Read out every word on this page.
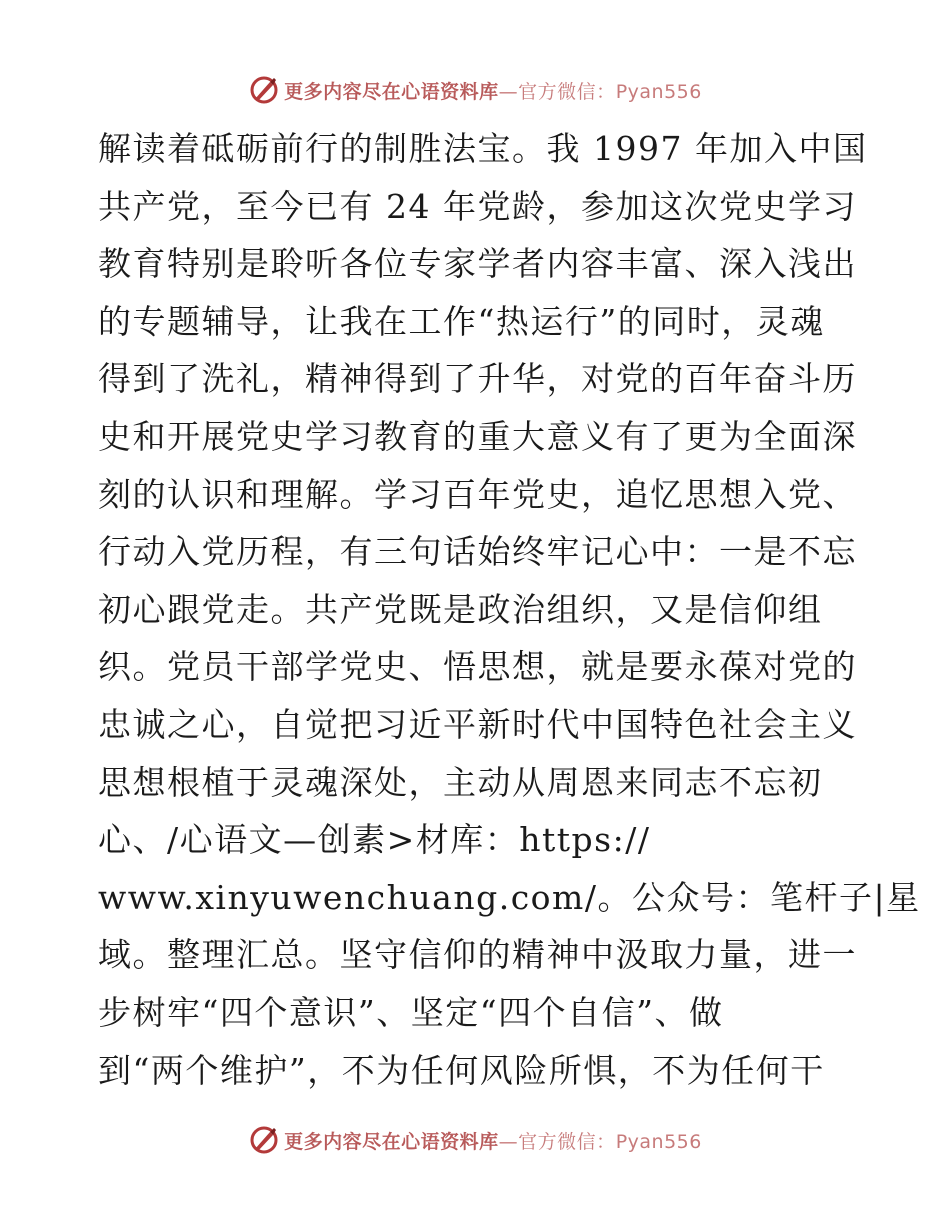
更多内容尽在心语资料库—官方微信：Pyan556
解读着砥砺前行的制胜法宝。我 1997 年加入中国
共产党，至今已有 24 年党龄，参加这次党史学习
教育特别是聆听各位专家学者内容丰富、深入浅出
的专题辅导，让我在工作“热运行”的同时，灵魂
得到了洗礼，精神得到了升华，对党的百年奋斗历
史和开展党史学习教育的重大意义有了更为全面深
刻的认识和理解。学习百年党史，追忆思想入党、
行动入党历程，有三句话始终牢记心中：一是不忘
初心跟党走。共产党既是政治组织，又是信仰组
织。党员干部学党史、悟思想，就是要永葆对党的
忠诚之心，自觉把习近平新时代中国特色社会主义
思想根植于灵魂深处，主动从周恩来同志不忘初
心、/心语文—创素>材库：https://
www.xinyuwenchuang.com/。公众号：笔杆子|星
域。整理汇总。坚守信仰的精神中汲取力量，进一
步树牢“四个意识”、坚定“四个自信”、做
到“两个维护”，不为任何风险所惧，不为任何干
更多内容尽在心语资料库—官方微信：Pyan556
